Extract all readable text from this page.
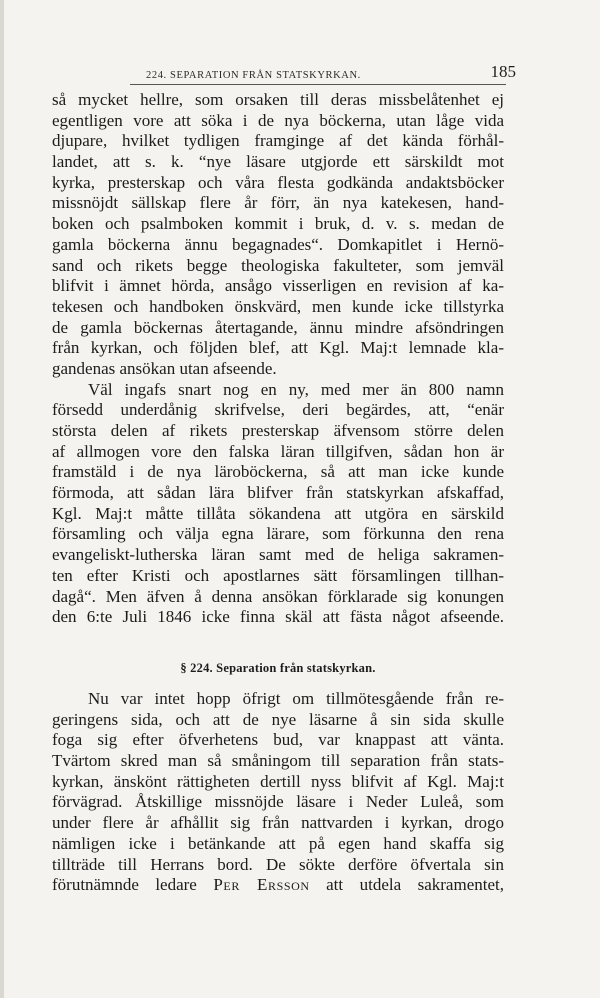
224. SEPARATION FRÅN STATSKYRKAN.	185
så mycket hellre, som orsaken till deras missbelåtenhet ej
egentligen vore att söka i de nya böckerna, utan låge vida
djupare, hvilket tydligen framginge af det kända förhål-
landet, att s. k. “nye läsare utgjorde ett särskildt mot
kyrka, presterskap och våra flesta godkända andaktsböcker
missnöjdt sällskap flere år förr, än nya katekesen, hand-
boken och psalmboken kommit i bruk, d. v. s. medan de
gamla böckerna ännu begagnades“. Domkapitlet i Hernö-
sand och rikets begge theologiska fakulteter, som jemväl
blifvit i ämnet hörda, ansågo visserligen en revision af ka-
tekesen och handboken önskvärd, men kunde icke tillstyrka
de gamla böckernas återtagande, ännu mindre afsöndringen
från kyrkan, och följden blef, att Kgl. Maj:t lemnade kla-
gandenas ansökan utan afseende.
Väl ingafs snart nog en ny, med mer än 800 namn
försedd underdånig skrifvelse, deri begärdes, att, “enär
största delen af rikets presterskap äfvensom större delen
af allmogen vore den falska läran tillgifven, sådan hon är
framstäld i de nya läroböckerna, så att man icke kunde
förmoda, att sådan lära blifver från statskyrkan afskaffad,
Kgl. Maj:t måtte tillåta sökandena att utgöra en särskild
församling och välja egna lärare, som förkunna den rena
evangeliskt-lutherska läran samt med de heliga sakramen-
ten efter Kristi och apostlarnes sätt församlingen tillhan-
dagå“. Men äfven å denna ansökan förklarade sig konungen
den 6:te Juli 1846 icke finna skäl att fästa något afseende.
§ 224. Separation från statskyrkan.
Nu var intet hopp öfrigt om tillmötesgående från re-
geringens sida, och att de nye läsarne å sin sida skulle
foga sig efter öfverhetens bud, var knappast att vänta.
Tvärtom skred man så småningom till separation från stats-
kyrkan, änskönt rättigheten dertill nyss blifvit af Kgl. Maj:t
förvägrad. Åtskillige missnöjde läsare i Neder Luleå, som
under flere år afhållit sig från nattvarden i kyrkan, drogo
nämligen icke i betänkande att på egen hand skaffa sig
tillträde till Herrans bord. De sökte derföre öfvertala sin
förutnämnde ledare Per Ersson att utdela sakramentet,
